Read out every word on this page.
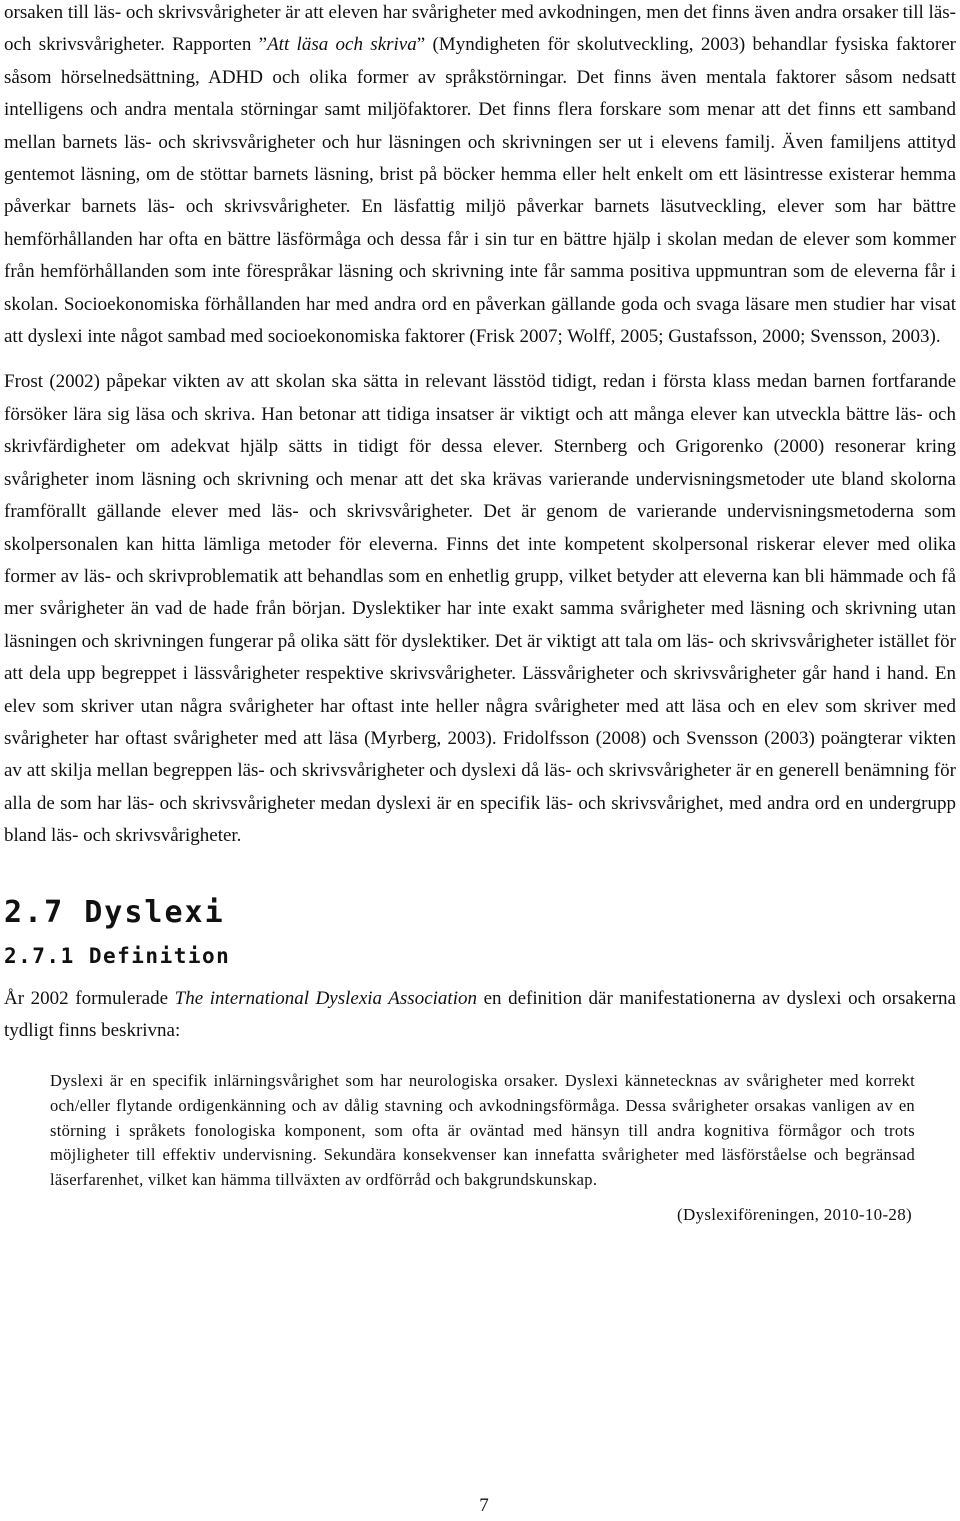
orsaken till läs- och skrivsvårigheter är att eleven har svårigheter med avkodningen, men det finns även andra orsaker till läs- och skrivsvårigheter. Rapporten ”Att läsa och skriva” (Myndigheten för skolutveckling, 2003) behandlar fysiska faktorer såsom hörselnedsättning, ADHD och olika former av språkstörningar. Det finns även mentala faktorer såsom nedsatt intelligens och andra mentala störningar samt miljöfaktorer. Det finns flera forskare som menar att det finns ett samband mellan barnets läs- och skrivsvårigheter och hur läsningen och skrivningen ser ut i elevens familj. Även familjens attityd gentemot läsning, om de stöttar barnets läsning, brist på böcker hemma eller helt enkelt om ett läsintresse existerar hemma påverkar barnets läs- och skrivsvårigheter. En läsfattig miljö påverkar barnets läsutveckling, elever som har bättre hemförhållanden har ofta en bättre läsförmåga och dessa får i sin tur en bättre hjälp i skolan medan de elever som kommer från hemförhållanden som inte förespråkar läsning och skrivning inte får samma positiva uppmuntran som de eleverna får i skolan. Socioekonomiska förhållanden har med andra ord en påverkan gällande goda och svaga läsare men studier har visat att dyslexi inte något sambad med socioekonomiska faktorer (Frisk 2007; Wolff, 2005; Gustafsson, 2000; Svensson, 2003).

Frost (2002) påpekar vikten av att skolan ska sätta in relevant lässtöd tidigt, redan i första klass medan barnen fortfarande försöker lära sig läsa och skriva. Han betonar att tidiga insatser är viktigt och att många elever kan utveckla bättre läs- och skrivfärdigheter om adekvat hjälp sätts in tidigt för dessa elever. Sternberg och Grigorenko (2000) resonerar kring svårigheter inom läsning och skrivning och menar att det ska krävas varierande undervisningsmetoder ute bland skolorna framförallt gällande elever med läs- och skrivsvårigheter. Det är genom de varierande undervisningsmetoderna som skolpersonalen kan hitta lämliga metoder för eleverna. Finns det inte kompetent skolpersonal riskerar elever med olika former av läs- och skrivproblematik att behandlas som en enhetlig grupp, vilket betyder att eleverna kan bli hämmade och få mer svårigheter än vad de hade från början. Dyslektiker har inte exakt samma svårigheter med läsning och skrivning utan läsningen och skrivningen fungerar på olika sätt för dyslektiker. Det är viktigt att tala om läs- och skrivsvårigheter istället för att dela upp begreppet i lässvårigheter respektive skrivsvårigheter. Lässvårigheter och skrivsvårigheter går hand i hand. En elev som skriver utan några svårigheter har oftast inte heller några svårigheter med att läsa och en elev som skriver med svårigheter har oftast svårigheter med att läsa (Myrberg, 2003). Fridolfsson (2008) och Svensson (2003) poängterar vikten av att skilja mellan begreppen läs- och skrivsvårigheter och dyslexi då läs- och skrivsvårigheter är en generell benämning för alla de som har läs- och skrivsvårigheter medan dyslexi är en specifik läs- och skrivsvårighet, med andra ord en undergrupp bland läs- och skrivsvårigheter.

2.7 Dyslexi
2.7.1 Definition

År 2002 formulerade The international Dyslexia Association en definition där manifestationerna av dyslexi och orsakerna tydligt finns beskrivna:

Dyslexi är en specifik inlärningsvårighet som har neurologiska orsaker. Dyslexi kännetecknas av svårigheter med korrekt och/eller flytande ordigenkänning och av dålig stavning och avkodningsförmåga. Dessa svårigheter orsakas vanligen av en störning i språkets fonologiska komponent, som ofta är oväntad med hänsyn till andra kognitiva förmågor och trots möjligheter till effektiv undervisning. Sekundära konsekvenser kan innefatta svårigheter med läsförståelse och begränsad läserfarenhet, vilket kan hämma tillväxten av ordförråd och bakgrundskunskap.

(Dyslexiföreningen, 2010-10-28)

7
